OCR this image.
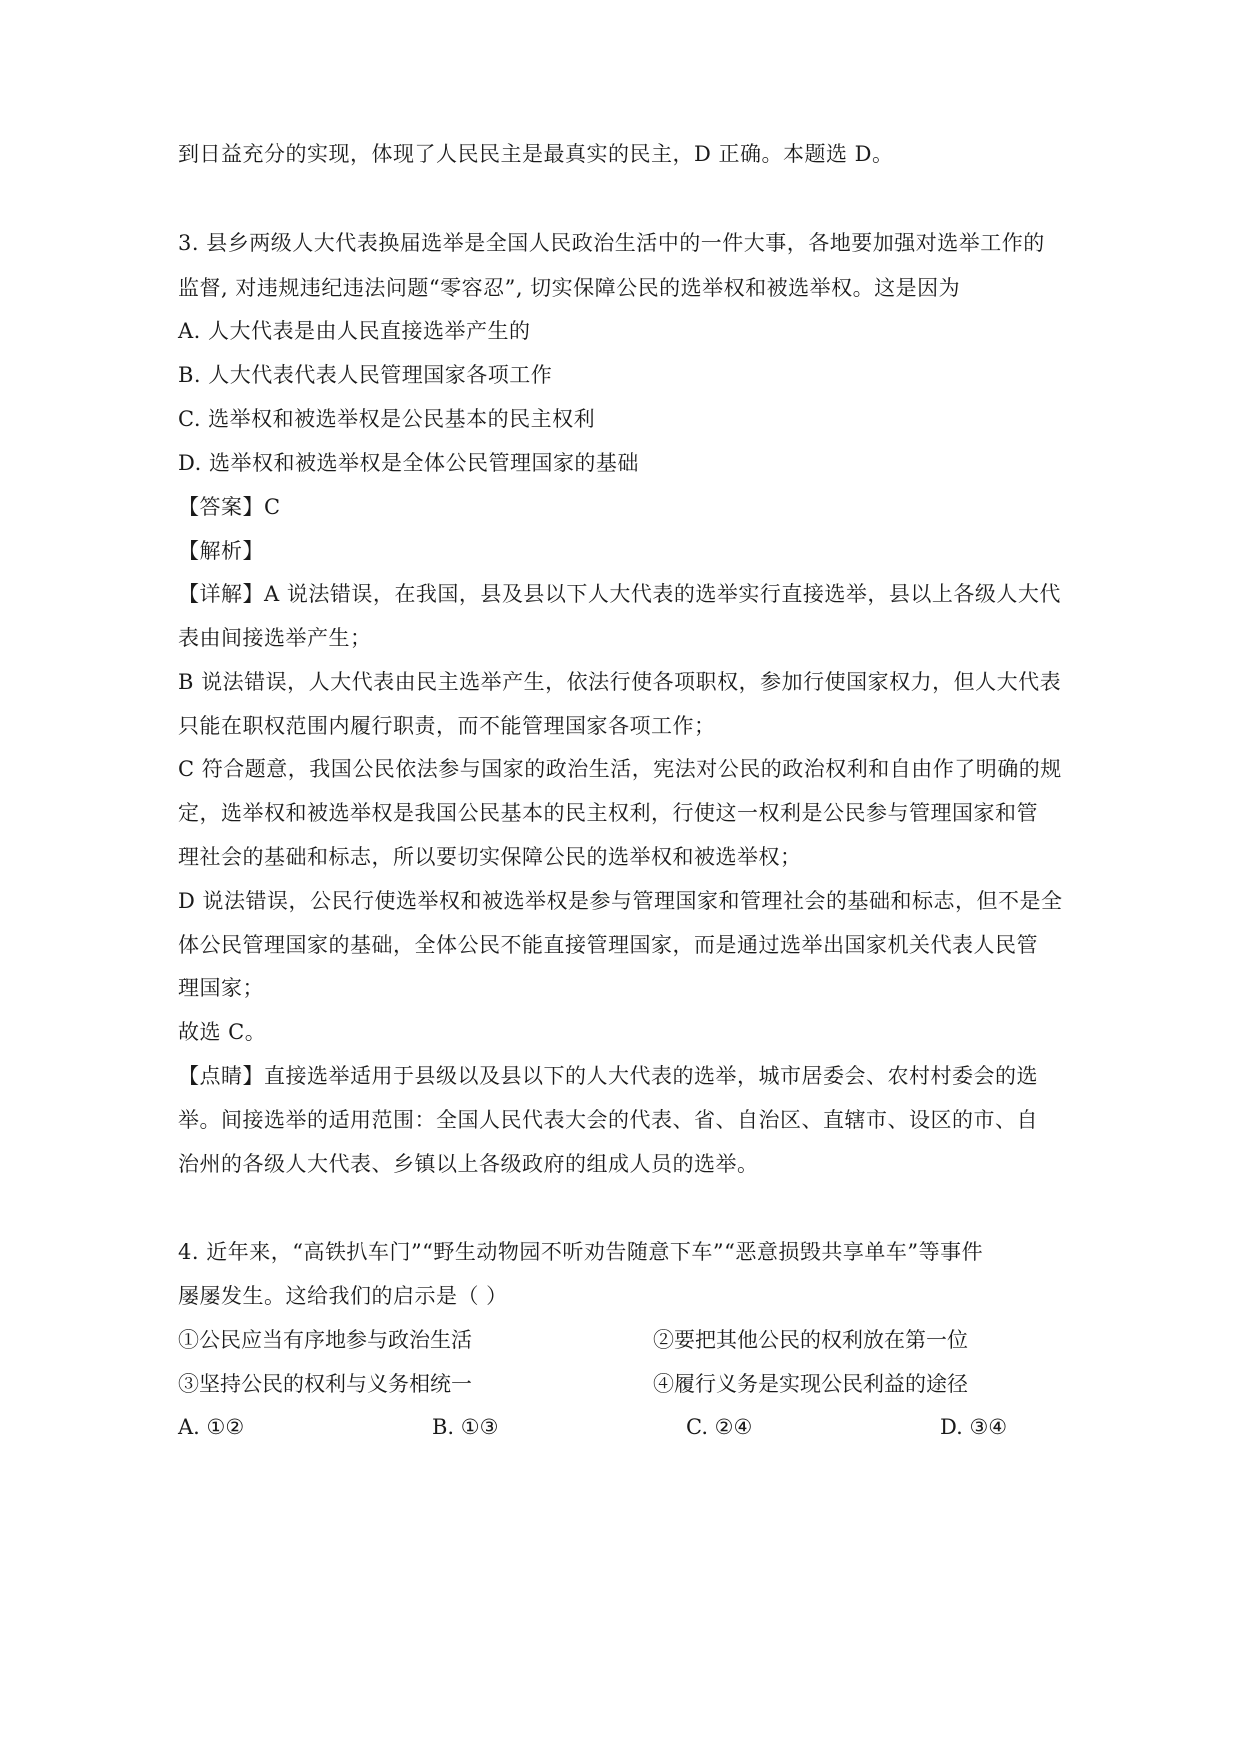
到日益充分的实现，体现了人民民主是最真实的民主，D 正确。本题选 D。
3. 县乡两级人大代表换届选举是全国人民政治生活中的一件大事，各地要加强对选举工作的
监督, 对违规违纪违法问题“零容忍”, 切实保障公民的选举权和被选举权。这是因为
A. 人大代表是由人民直接选举产生的
B. 人大代表代表人民管理国家各项工作
C. 选举权和被选举权是公民基本的民主权利
D. 选举权和被选举权是全体公民管理国家的基础
【答案】C
【解析】
【详解】A 说法错误，在我国，县及县以下人大代表的选举实行直接选举，县以上各级人大代
表由间接选举产生；
B 说法错误，人大代表由民主选举产生，依法行使各项职权，参加行使国家权力，但人大代表
只能在职权范围内履行职责，而不能管理国家各项工作；
C 符合题意，我国公民依法参与国家的政治生活，宪法对公民的政治权利和自由作了明确的规
定，选举权和被选举权是我国公民基本的民主权利，行使这一权利是公民参与管理国家和管
理社会的基础和标志，所以要切实保障公民的选举权和被选举权；
D 说法错误，公民行使选举权和被选举权是参与管理国家和管理社会的基础和标志，但不是全
体公民管理国家的基础，全体公民不能直接管理国家，而是通过选举出国家机关代表人民管
理国家；
故选 C。
【点睛】直接选举适用于县级以及县以下的人大代表的选举，城市居委会、农村村委会的选
举。间接选举的适用范围：全国人民代表大会的代表、省、自治区、直辖市、设区的市、自
治州的各级人大代表、乡镇以上各级政府的组成人员的选举。
4. 近年来，“高铁扒车门”“野生动物园不听劝告随意下车”“恶意损毁共享单车”等事件
屡屡发生。这给我们的启示是（ ）
①公民应当有序地参与政治生活	②要把其他公民的权利放在第一位
③坚持公民的权利与义务相统一	④履行义务是实现公民利益的途径
A. ①②	B. ①③	C. ②④	D. ③④
